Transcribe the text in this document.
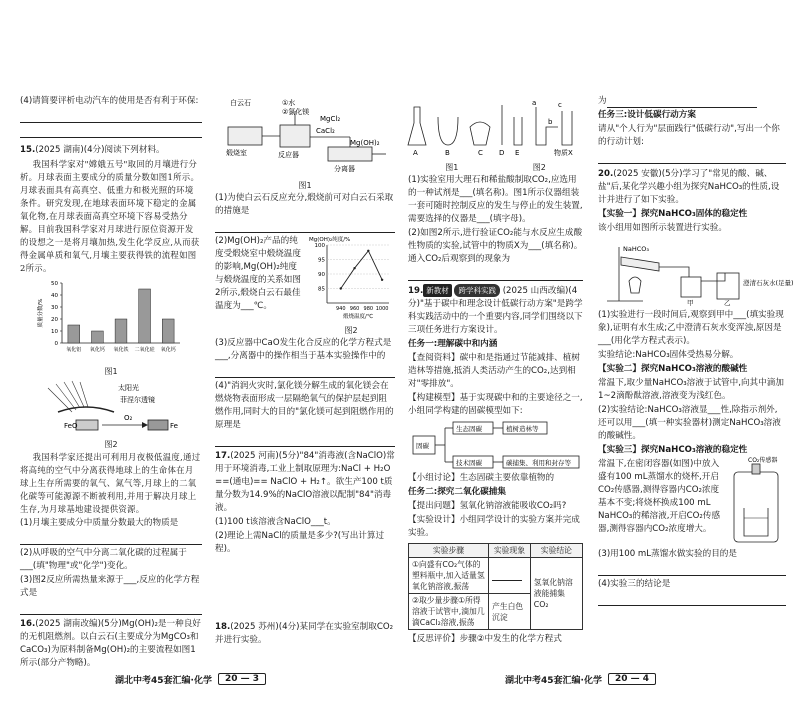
(4)请简要评析电动汽车的使用是否有利于环保:

15.(2025 湖南)(4分)阅读下列材料。

我国科学家对"嫦娥五号"取回的月壤进行分析。月球表面主要成分的质量分数如图1所示。月球表面具有高真空、低重力和极光照的环境条件。研究发现,在地球表面环境下稳定的金属氧化物,在月球表面高真空环境下容易受热分解。目前我国科学家对月球进行原位资源开发的设想之一是将月壤加热,发生化学反应,从而获得金属单质和氧气,月壤主要获得铁的流程如图2所示。

0
10
20
30
40
50
质量分数/%
氧化铝 氧化钙 氧化铁 二氧化硅 氧化钙
图1
太阳光
菲涅尔透镜
FeO
O₂
Fe
图2

我国科学家还提出可利用月夜极低温度,通过将高纯的空气中分离获得地球上的生命体在月球上生存所需要的氧气、氮气等,月球上的二氧化碳等可能源源不断被利用,并用于解决月球上生存,为月球基地建设提供资源。

(1)月壤主要成分中质量分数最大的物质是

(2)从呼吸的空气中分离二氧化碳的过程属于___(填"物理"或"化学")变化。

(3)图2反应所需热量来源于___,反应的化学方程式是

16.(2025 湖南改编)(5分)Mg(OH)₂是一种良好的无机阻燃剂。以白云石(主要成分为MgCO₃和CaCO₃)为原料制备Mg(OH)₂的主要流程如图1所示(部分产物略)。

白云石	①水
②氯化镁
煅烧室	反应器
分离器
CaCl₂
Mg(OH)₂
MgCl₂
图1

(1)为使白云石反应充分,煅烧前可对白云石采取的措施是

(2)Mg(OH)₂产品的纯度受煅烧室中煅烧温度的影响,Mg(OH)₂纯度与煅烧温度的关系如图2所示,煅烧白云石最佳温度为___℃。

Mg(OH)₂纯度/%
85
90
95
100
940 960 980 1000
煅烧温度/℃
图2

(3)反应器中CaO发生化合反应的化学方程式是___,分离器中的操作相当于基本实验操作中的

(4)"消润火灾时,氯化镁分解生成的氧化镁会在燃烧物表面形成一层隔绝氧气的保护层起到阻燃作用,同时大的目的"氯化镁可起到阻燃作用的原理是

17.(2025 河南)(5分)"84"消毒液(含NaClO)常用于环境消毒,工业上制取原理为:NaCl + H₂O ==(通电)== NaClO + H₂↑。欲生产100 t质量分数为14.9%的NaClO溶液以配制"84"消毒液。

(1)100 t该溶液含NaClO___t。

(2)理论上需NaCl的质量是多少?(写出计算过程)。

18.(2025 苏州)(4分)某同学在实验室制取CO₂并进行实验。

A	B	C D E
a
b
c
物质X
图1	图2

(1)实验室用大理石和稀盐酸制取CO₂,应选用的一种试剂是___(填名称)。图1所示仪器组装一套可随时控制反应的发生与停止的发生装置,需要选择的仪器是___(填字母)。

(2)如图2所示,进行验证CO₂能与水反应生成酸性物质的实验,试管中的物质X为___(填名称)。通入CO₂后观察到的现象为

19. 新教材 跨学科实践 (2025 山西改编)(4分)"基于碳中和理念设计低碳行动方案"是跨学科实践活动中的一个重要内容,同学们围绕以下三项任务进行方案设计。

任务一:理解碳中和内涵

【查阅资料】碳中和是指通过节能减排、植树造林等措施,抵消人类活动产生的CO₂,达到相对"零排放"。

【构建模型】基于实现碳中和的主要途径之一,小组同学构建的固碳模型如下:

生态固碳	植树造林等
固碳
技术固碳	碳捕集、利用和封存等

【小组讨论】生态固碳主要依靠植物的

任务二:探究二氧化碳捕集

【提出问题】氢氧化钠溶液能吸收CO₂吗?

【实验设计】小组同学设计的实验方案并完成实验。

实验步骤	实验现象	实验结论
①向盛有CO₂气体的塑料瓶中,加入适量氢氧化钠溶液,振荡		氢氧化钠溶液能捕集CO₂
②取少量步骤①所得溶液于试管中,滴加几滴CaCl₂溶液,振荡	产生白色沉淀	

【反思评价】步骤②中发生的化学方程式

为

任务三:设计低碳行动方案

请从"个人行为"层面践行"低碳行动",写出一个你的行动计划:

20.(2025 安徽)(5分)学习了"常见的酸、碱、盐"后,某化学兴趣小组为探究NaHCO₃的性质,设计并进行了如下实验。

【实验一】探究NaHCO₃固体的稳定性

该小组用如图所示装置进行实验。

NaHCO₃
甲	乙
澄清石灰水(足量)

(1)实验进行一段时间后,观察到甲中___(填实验现象),证明有水生成;乙中澄清石灰水变浑浊,原因是___(用化学方程式表示)。

实验结论:NaHCO₃固体受热易分解。

【实验二】探究NaHCO₃溶液的酸碱性

常温下,取少量NaHCO₃溶液于试管中,向其中滴加1~2滴酚酞溶液,溶液变为浅红色。

(2)实验结论:NaHCO₃溶液显___性,除指示剂外,还可以用___(填一种实验器材)测定NaHCO₃溶液的酸碱性。

【实验三】探究NaHCO₃溶液的稳定性

常温下,在密闭容器(如图)中放入盛有100 mL蒸馏水的烧杯,开启CO₂传感器,测得容器内CO₂浓度基本不变;将烧杯换成100 mL NaHCO₃的稀溶液,开启CO₂传感器,测得容器内CO₂浓度增大。

CO₂传感器

(3)用100 mL蒸馏水做实验的目的是

(4)实验三的结论是

湖北中考45套汇编·化学	20 — 3	湖北中考45套汇编·化学	20 — 4
